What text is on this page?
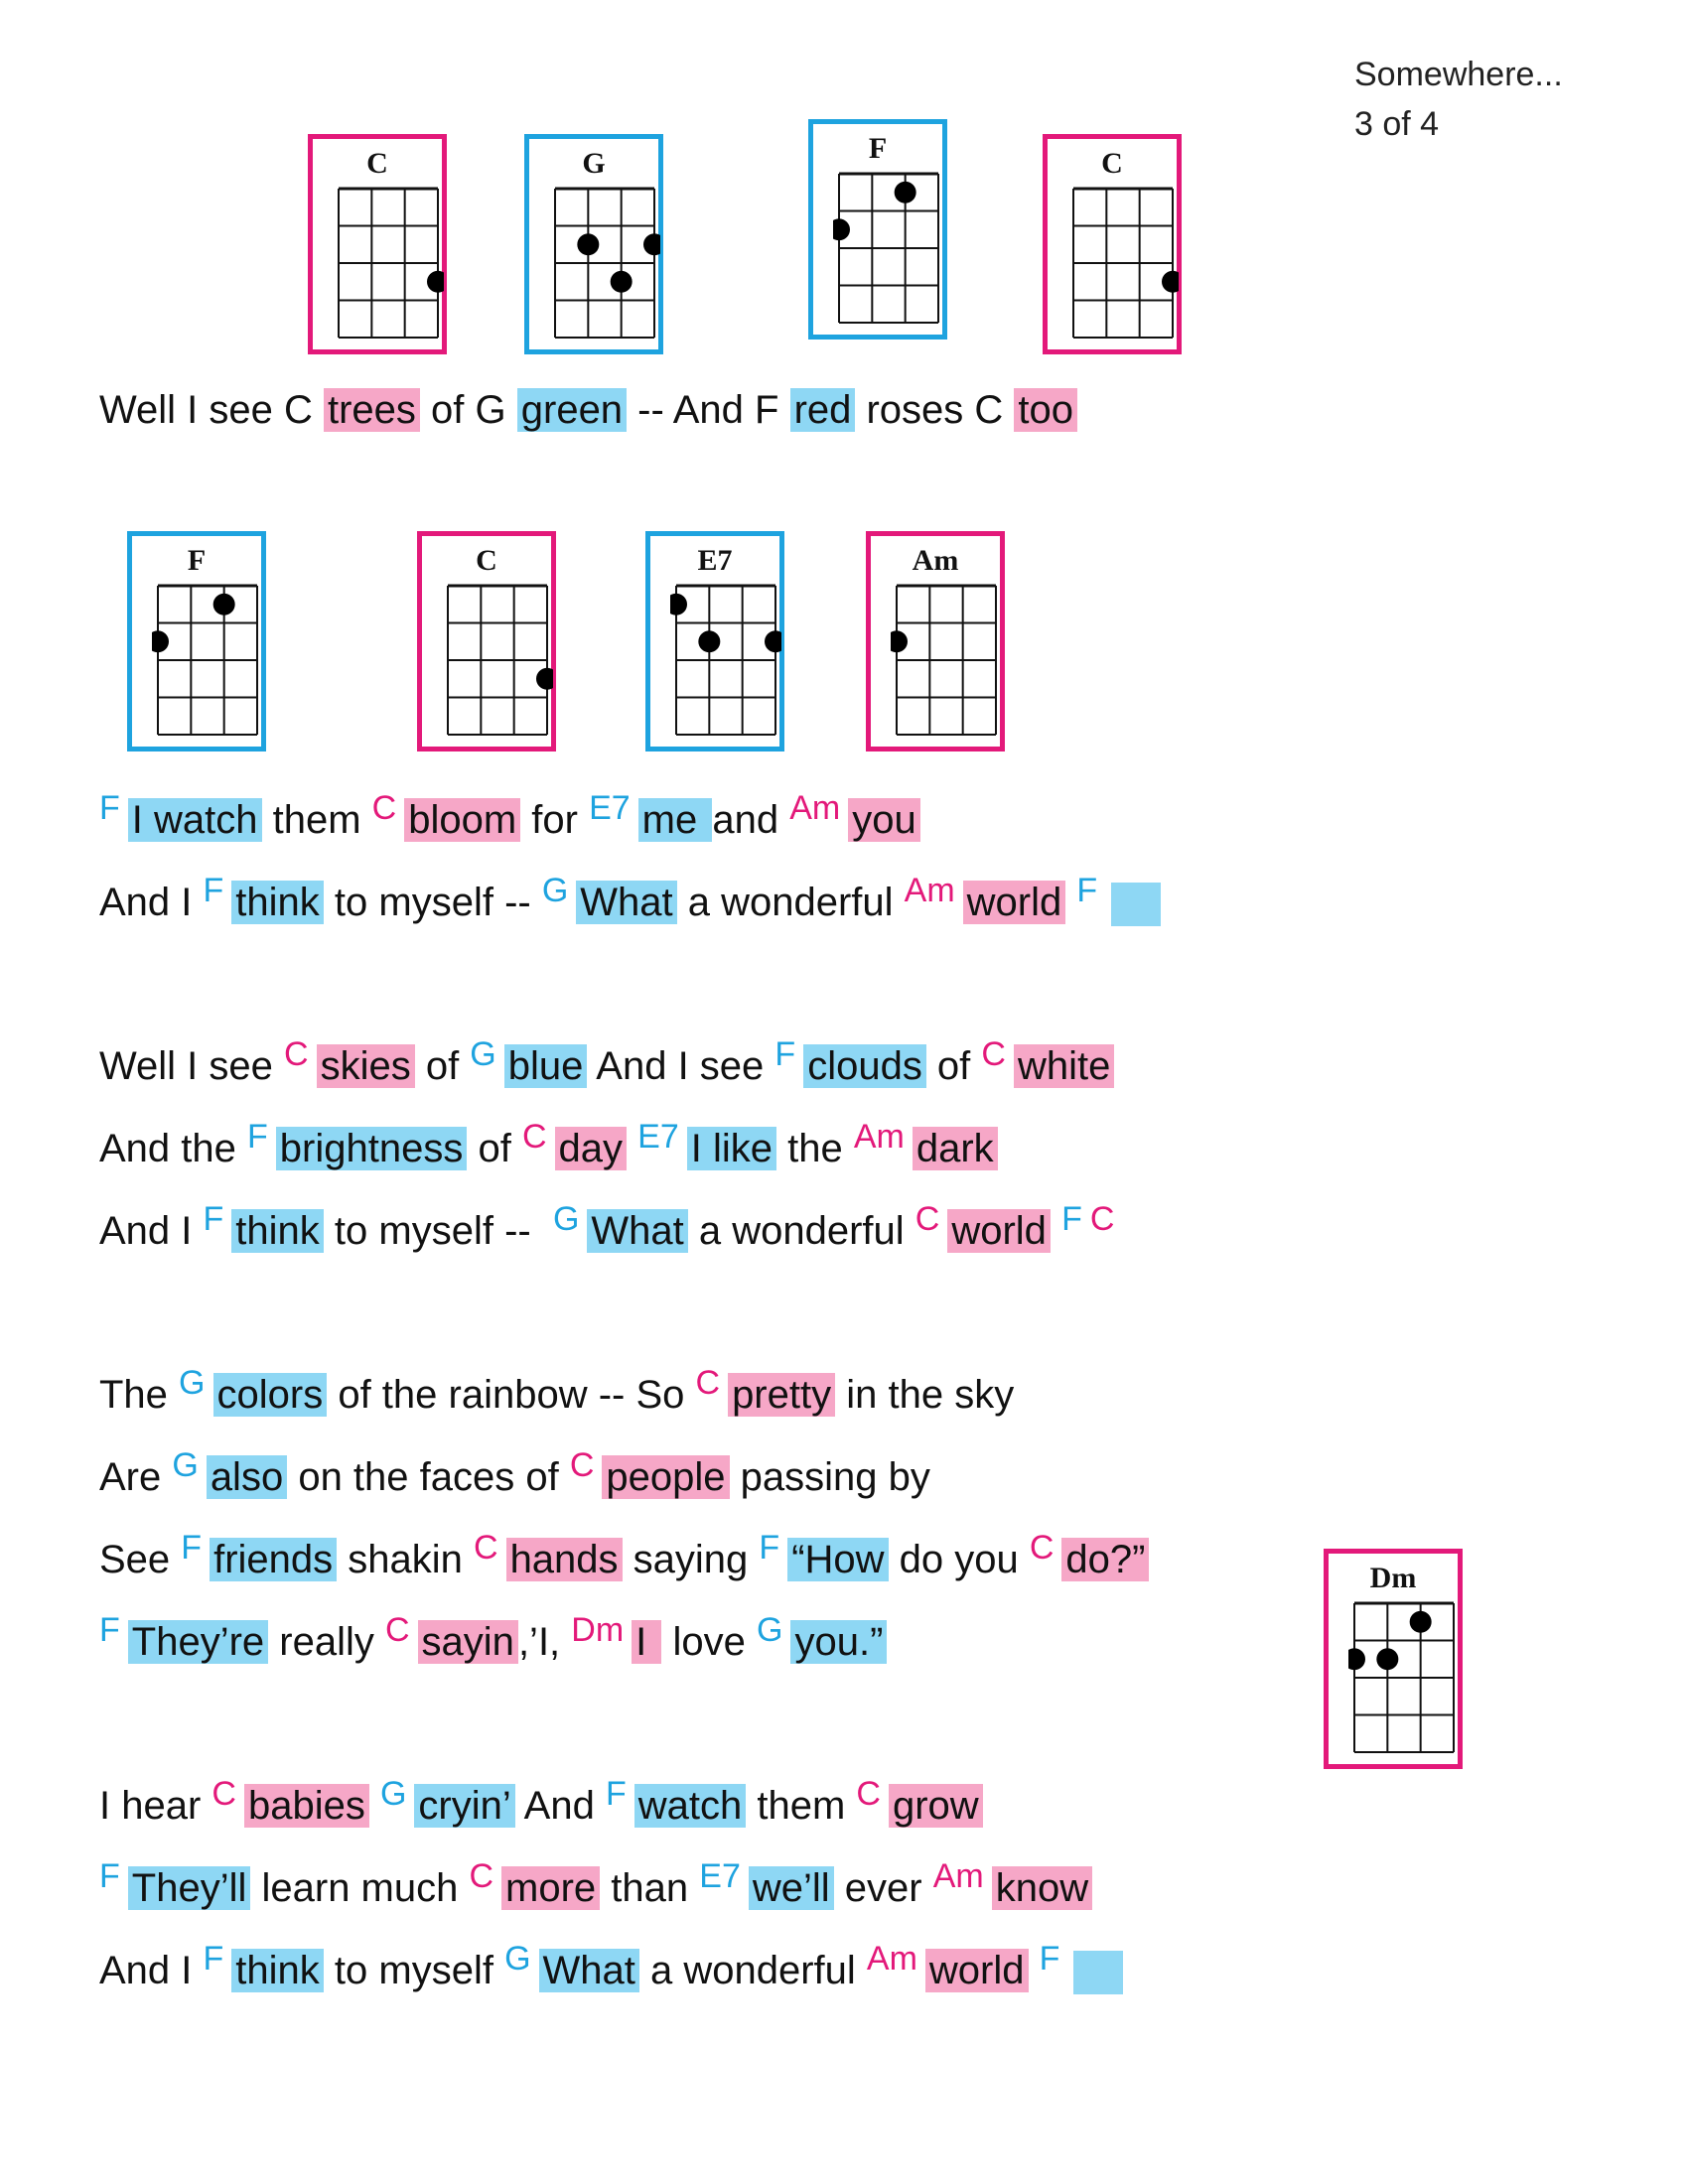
Somewhere...
3 of 4
C	G	F	C
F	C	E7	Am
Dm
Well I see C trees of G green -- And F red roses C too
$^F$ I watch them $^C$ bloom for $^{E7}$ me and $^{Am}$ you
And I $^F$ think to myself -- $^G$ What a wonderful $^{Am}$ world $^F$
Well I see $^C$ skies of $^G$ blue And I see $^F$ clouds of $^C$ white
And the $^F$ brightness of $^C$ day $^{E7}$ I like the $^{Am}$ dark
And I $^F$ think to myself --  $^G$ What a wonderful $^C$ world $^F$ $^C$
The $^G$ colors of the rainbow -- So $^C$ pretty in the sky
Are $^G$ also on the faces of $^C$ people passing by
See $^F$ friends shakin $^C$ hands saying $^F$ “How do you $^C$ do?”
$^F$ They’re really $^C$ sayin ,’I, $^{Dm}$ I  love $^G$ you.”
I hear $^C$ babies $^G$ cryin’ And $^F$ watch them $^C$ grow
$^F$ They’ll learn much $^C$ more than $^{E7}$ we’ll ever $^{Am}$ know
And I $^F$ think to myself $^G$ What a wonderful $^{Am}$ world $^F$
